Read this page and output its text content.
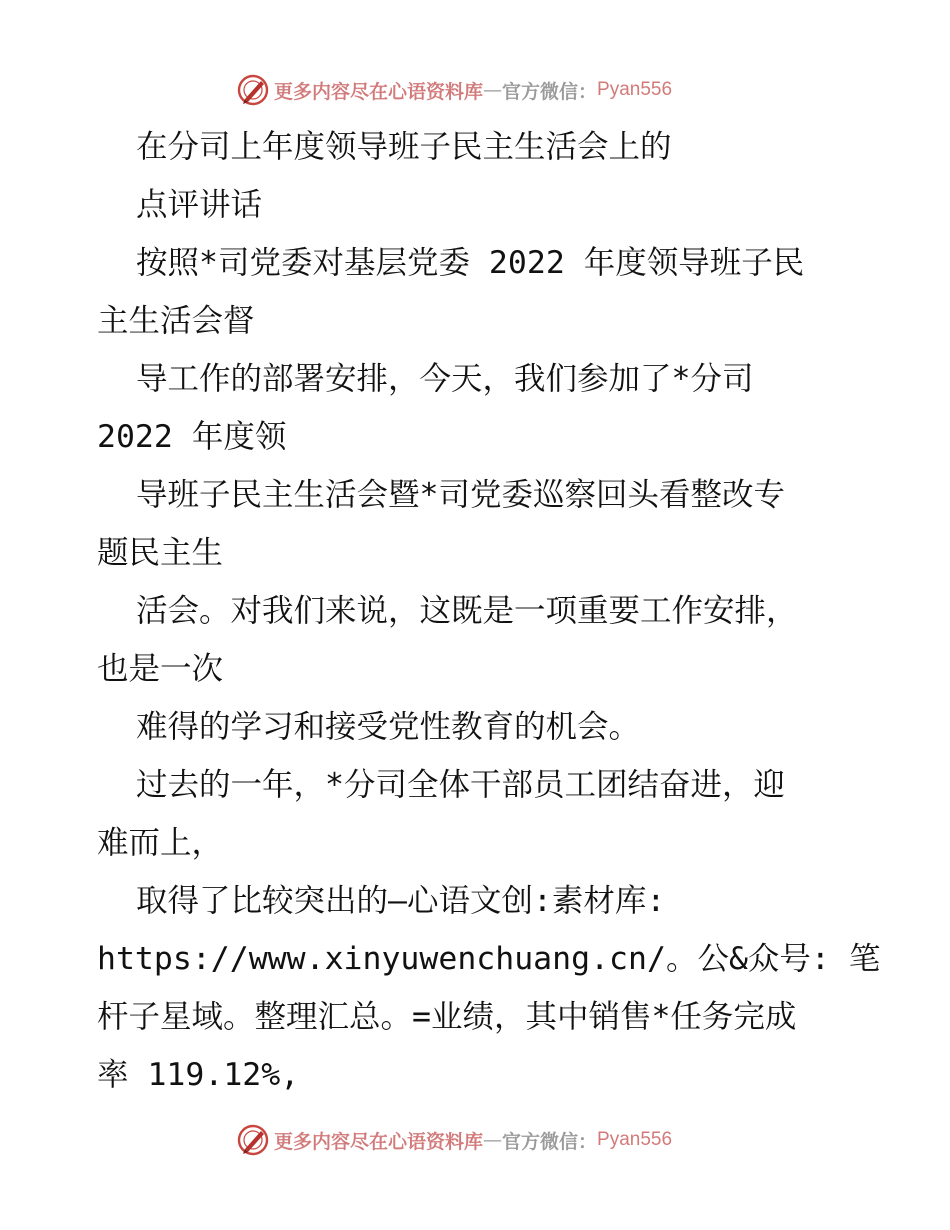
更多内容尽在心语资料库 — 官方微信： Pyan556
在分司上年度领导班子民主生活会上的
点评讲话
按照*司党委对基层党委 2022 年度领导班子民
主生活会督
导工作的部署安排，今天，我们参加了*分司
2022 年度领
导班子民主生活会暨*司党委巡察回头看整改专
题民主生
活会。对我们来说，这既是一项重要工作安排，
也是一次
难得的学习和接受党性教育的机会。
过去的一年，*分司全体干部员工团结奋进，迎
难而上，
取得了比较突出的—心语文创:素材库:
https://www.xinyuwenchuang.cn/。公&众号: 笔
杆子星域。整理汇总。=业绩，其中销售*任务完成
率 119.12%,
更多内容尽在心语资料库 — 官方微信： Pyan556
